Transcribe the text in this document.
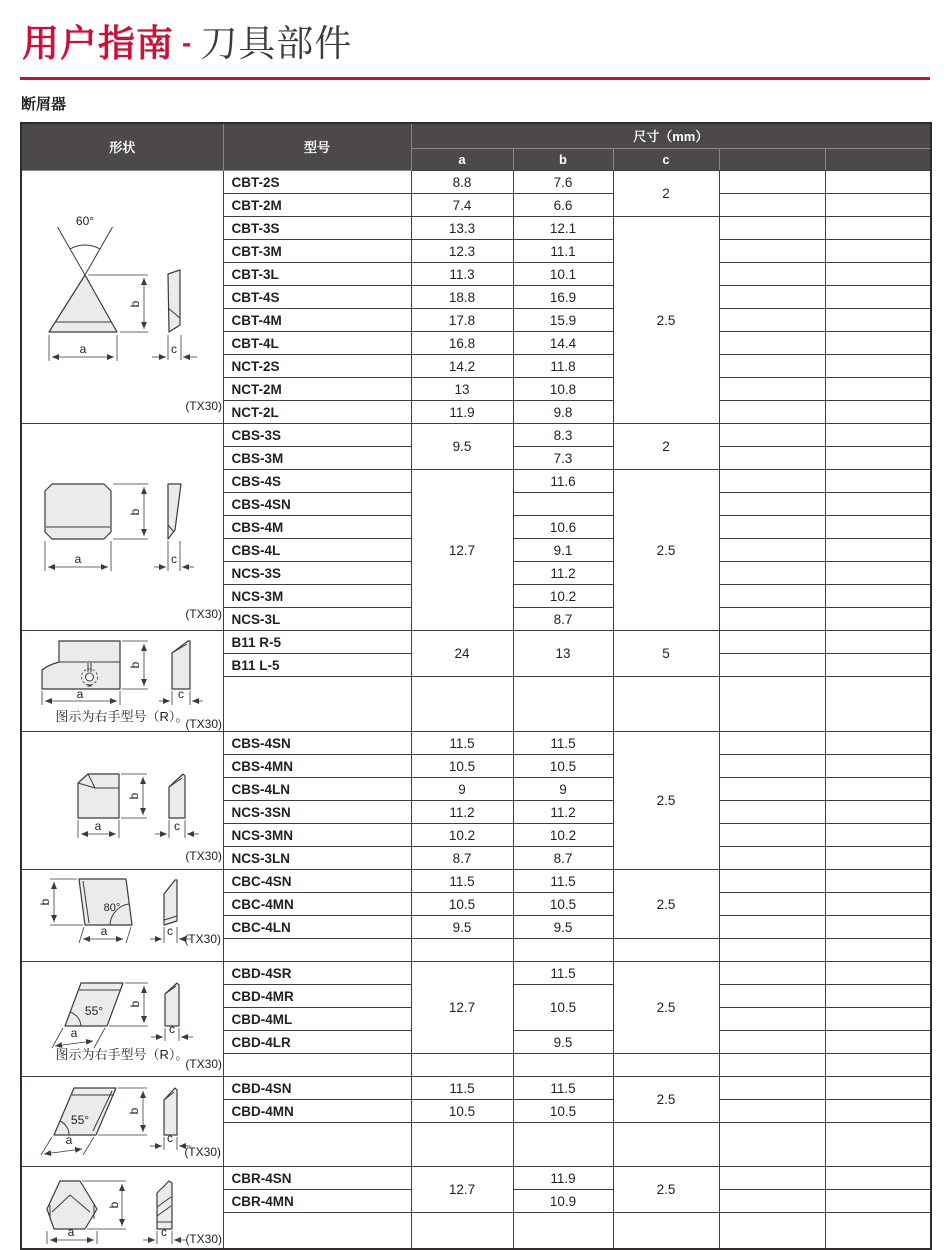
用户指南 - 刀具部件
断屑器
形状	型号	尺寸（mm）				
		a	b	c		

60°
a
b
c
(TX30)	CBT-2S	8.8	7.6	2		
	CBT-2M	7.4	6.6			
	CBT-3S	13.3	12.1	2.5		
	CBT-3M	12.3	11.1			
	CBT-3L	11.3	10.1			
	CBT-4S	18.8	16.9			
	CBT-4M	17.8	15.9			
	CBT-4L	16.8	14.4			
	NCT-2S	14.2	11.8			
	NCT-2M	13	10.8			
	NCT-2L	11.9	9.8			

b
a c
(TX30)	CBS-3S	9.5	8.3	2		
	CBS-3M		7.3			
	CBS-4S	12.7	11.6	2.5		
	CBS-4SN					
	CBS-4M		10.6			
	CBS-4L		9.1			
	NCS-3S		11.2			
	NCS-3M		10.2			
	NCS-3L		8.7			

b
a c
图示为右手型号（R）。
(TX30)	B11 R-5	24	13	5		
	B11 L-5					

b
a c
(TX30)	CBS-4SN	11.5	11.5	2.5		
	CBS-4MN	10.5	10.5			
	CBS-4LN	9	9			
	NCS-3SN	11.2	11.2			
	NCS-3MN	10.2	10.2			
	NCS-3LN	8.7	8.7			

80°
b
a c
(TX30)	CBC-4SN	11.5	11.5	2.5		
	CBC-4MN	10.5	10.5			
	CBC-4LN	9.5	9.5			

55° b
a	c
图示为右手型号（R）。
(TX30)
	CBD-4SR	12.7	11.5	2.5		
	CBD-4MR		10.5			
	CBD-4ML					
	CBD-4LR		9.5			

55°
b
a c
(TX30)	CBD-4SN	11.5	11.5	2.5		
	CBD-4MN	10.5	10.5			

b
a c (TX30)	CBR-4SN	12.7	11.9	2.5		
	CBR-4MN		10.9			
